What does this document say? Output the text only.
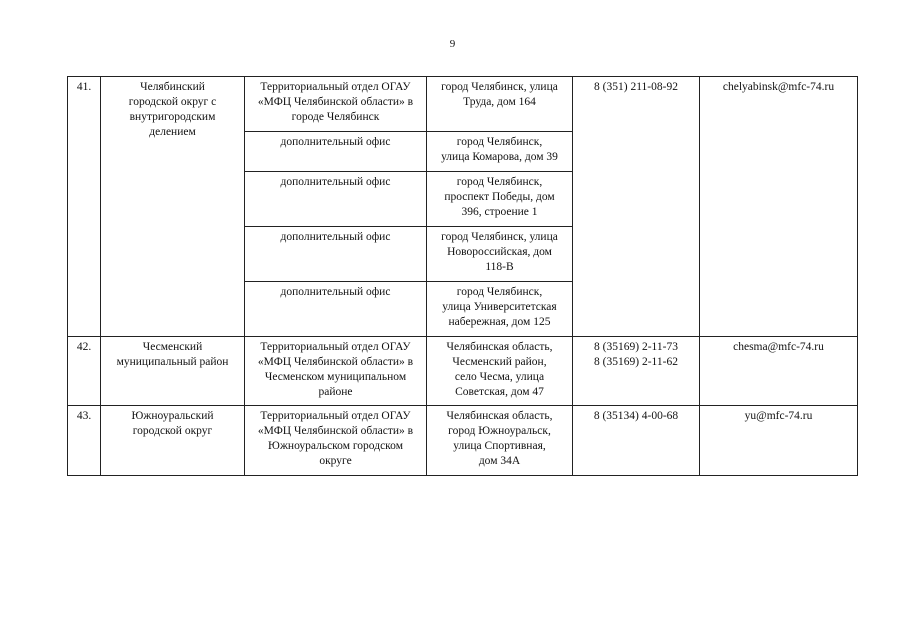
9
41.	Челябинский
городской округ с
внутригородским
делением	Территориальный отдел ОГАУ
«МФЦ Челябинской области» в
городе Челябинск	город Челябинск, улица
Труда, дом 164	8 (351) 211-08-92	chelyabinsk@mfc-74.ru

		дополнительный офис	город Челябинск,
улица Комарова, дом 39		

		дополнительный офис	город Челябинск,
проспект Победы, дом
396, строение 1		

		дополнительный офис	город Челябинск, улица
Новороссийская, дом
118-В		

		дополнительный офис	город Челябинск,
улица Университетская
набережная, дом 125		

42.	Чесменский
муниципальный район	Территориальный отдел ОГАУ
«МФЦ Челябинской области» в
Чесменском муниципальном
районе	Челябинская область,
Чесменский район,
село Чесма, улица
Советская, дом 47	8 (35169) 2-11-73
8 (35169) 2-11-62	chesma@mfc-74.ru
43.	Южноуральский
городской округ	Территориальный отдел ОГАУ
«МФЦ Челябинской области» в
Южноуральском городском
округе	Челябинская область,
город Южноуральск,
улица Спортивная,
дом 34А	8 (35134) 4-00-68	yu@mfc-74.ru
